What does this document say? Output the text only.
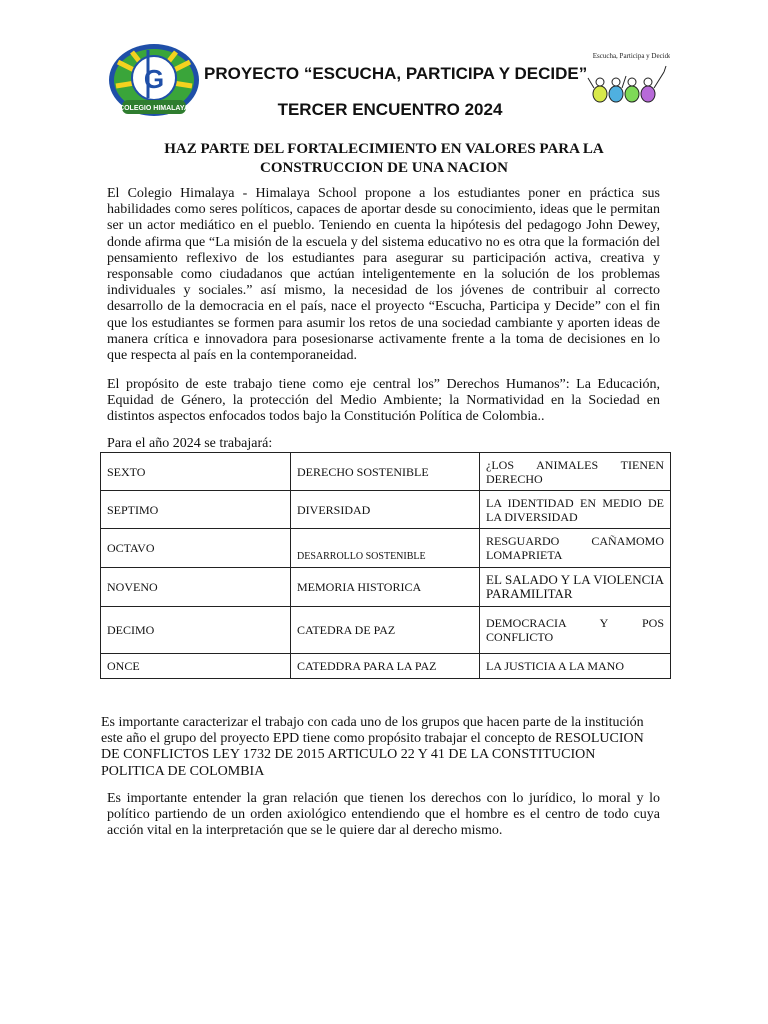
G
COLEGIO HIMALAYA
PROYECTO “ESCUCHA, PARTICIPA Y DECIDE”
TERCER ENCUENTRO 2024
Escucha, Participa y Decide
HAZ PARTE DEL FORTALECIMIENTO EN VALORES PARA LA CONSTRUCCION DE UNA NACION
El Colegio Himalaya - Himalaya School propone a los estudiantes poner en práctica sus habilidades como seres políticos, capaces de aportar desde su conocimiento, ideas que le permitan ser un actor mediático en el pueblo. Teniendo en cuenta la hipótesis del pedagogo John Dewey, donde afirma que “La misión de la escuela y del sistema educativo no es otra que la formación del pensamiento reflexivo de los estudiantes para asegurar su participación activa, creativa y responsable como ciudadanos que actúan inteligentemente en la solución de los problemas individuales y sociales.” así mismo, la necesidad de los jóvenes de contribuir al correcto desarrollo de la democracia en el país, nace el proyecto “Escucha, Participa y Decide” con el fin que los estudiantes se formen para asumir los retos de una sociedad cambiante y aporten ideas de manera crítica e innovadora para posesionarse activamente frente a la toma de decisiones en lo que respecta al país en la contemporaneidad.
El propósito de este trabajo tiene como eje central los” Derechos Humanos”: La Educación, Equidad de Género, la protección del Medio Ambiente; la Normatividad en la Sociedad en distintos aspectos enfocados todos bajo la Constitución Política de Colombia..
Para el año 2024 se trabajará:
SEXTO	DERECHO SOSTENIBLE	¿LOS ANIMALES TIENEN DERECHO
SEPTIMO	DIVERSIDAD	LA IDENTIDAD EN MEDIO DE LA DIVERSIDAD
OCTAVO	DESARROLLO SOSTENIBLE	RESGUARDO CAÑAMOMO LOMAPRIETA
NOVENO	MEMORIA HISTORICA	EL SALADO Y LA VIOLENCIA PARAMILITAR
DECIMO	CATEDRA DE PAZ	DEMOCRACIA Y POS CONFLICTO
ONCE	CATEDDRA PARA LA PAZ	LA JUSTICIA A LA MANO
Es importante caracterizar el trabajo con cada uno de los grupos que hacen parte de la institución este año el grupo del proyecto EPD tiene como propósito trabajar el concepto de RESOLUCION DE CONFLICTOS LEY 1732 DE 2015 ARTICULO 22 Y 41 DE LA CONSTITUCION POLITICA DE COLOMBIA
Es importante entender la gran relación que tienen los derechos con lo jurídico, lo moral y lo político partiendo de un orden axiológico entendiendo que el hombre es el centro de todo cuya acción vital en la interpretación que se le quiere dar al derecho mismo.
